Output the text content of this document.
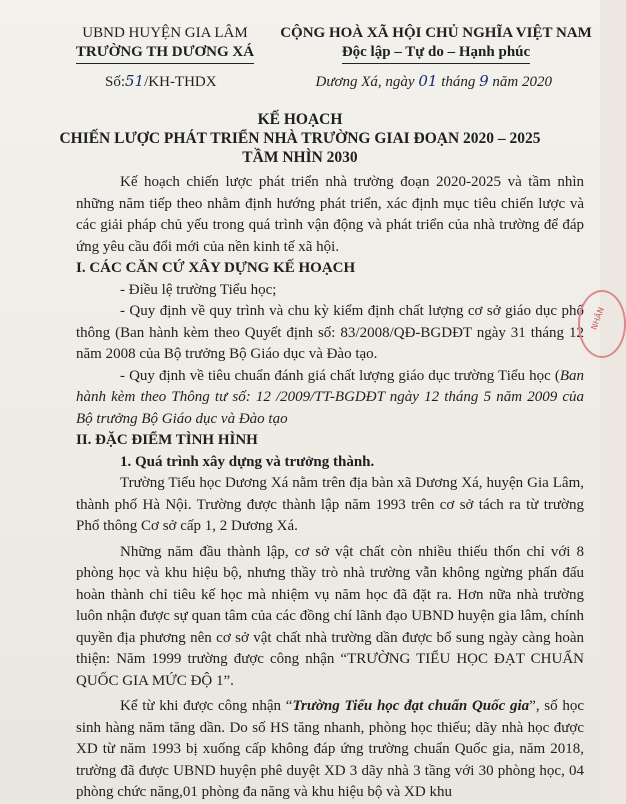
UBND HUYỆN GIA LÂM
TRƯỜNG TH DƯƠNG XÁ
Số:51/KH-THDX
CỘNG HOÀ XÃ HỘI CHỦ NGHĨA VIỆT NAM
Độc lập – Tự do – Hạnh phúc
Dương Xá, ngày 01 tháng 9 năm 2020
KẾ HOẠCH
CHIẾN LƯỢC PHÁT TRIỂN NHÀ TRƯỜNG GIAI ĐOẠN 2020 – 2025
TẦM NHÌN 2030

Kế hoạch chiến lược phát triển nhà trường đoạn 2020-2025 và tầm nhìn những năm tiếp theo nhằm định hướng phát triển, xác định mục tiêu chiến lược và các giải pháp chủ yếu trong quá trình vận động và phát triển của nhà trường để đáp ứng yêu cầu đổi mới của nền kinh tế xã hội.

I. CÁC CĂN CỨ XÂY DỰNG KẾ HOẠCH

- Điều lệ trường Tiểu học;

- Quy định về quy trình và chu kỳ kiểm định chất lượng cơ sở giáo dục phổ thông (Ban hành kèm theo Quyết định số: 83/2008/QĐ-BGDĐT ngày 31 tháng 12 năm 2008 của Bộ trưởng Bộ Giáo dục và Đào tạo.

- Quy định về tiêu chuẩn đánh giá chất lượng giáo dục trường Tiểu học (Ban hành kèm theo Thông tư số: 12 /2009/TT-BGDĐT ngày 12 tháng 5 năm 2009 của Bộ trưởng Bộ Giáo dục và Đào tạo

II. ĐẶC ĐIỂM TÌNH HÌNH

1. Quá trình xây dựng và trưởng thành.

Trường Tiểu học Dương Xá nằm trên địa bàn xã Dương Xá, huyện Gia Lâm, thành phố Hà Nội. Trường được thành lập năm 1993 trên cơ sở tách ra từ trường Phổ thông Cơ sở cấp 1, 2 Dương Xá.

Những năm đầu thành lập, cơ sở vật chất còn nhiều thiếu thốn chỉ với 8 phòng học và khu hiệu bộ, nhưng thầy trò nhà trường vẫn không ngừng phấn đấu hoàn thành chỉ tiêu kế học mà nhiệm vụ năm học đã đặt ra. Hơn nữa nhà trường luôn nhận được sự quan tâm của các đồng chí lãnh đạo UBND huyện gia lâm, chính quyền địa phương nên cơ sở vật chất nhà trường dần được bổ sung ngày càng hoàn thiện: Năm 1999 trường được công nhận “TRƯỜNG TIỂU HỌC ĐẠT CHUẨN QUỐC GIA MỨC ĐỘ 1”.

Kể từ khi được công nhận “Trường Tiểu học đạt chuẩn Quốc gia”, số học sinh hàng năm tăng dần. Do số HS tăng nhanh, phòng học thiếu; dãy nhà học được XD từ năm 1993 bị xuống cấp không đáp ứng trường chuẩn Quốc gia, năm 2018, trường đã được UBND huyện phê duyệt XD 3 dãy nhà 3 tầng với 30 phòng học, 04 phòng chức năng,01 phòng đa năng và khu hiệu bộ và XD khu

NHÂN
